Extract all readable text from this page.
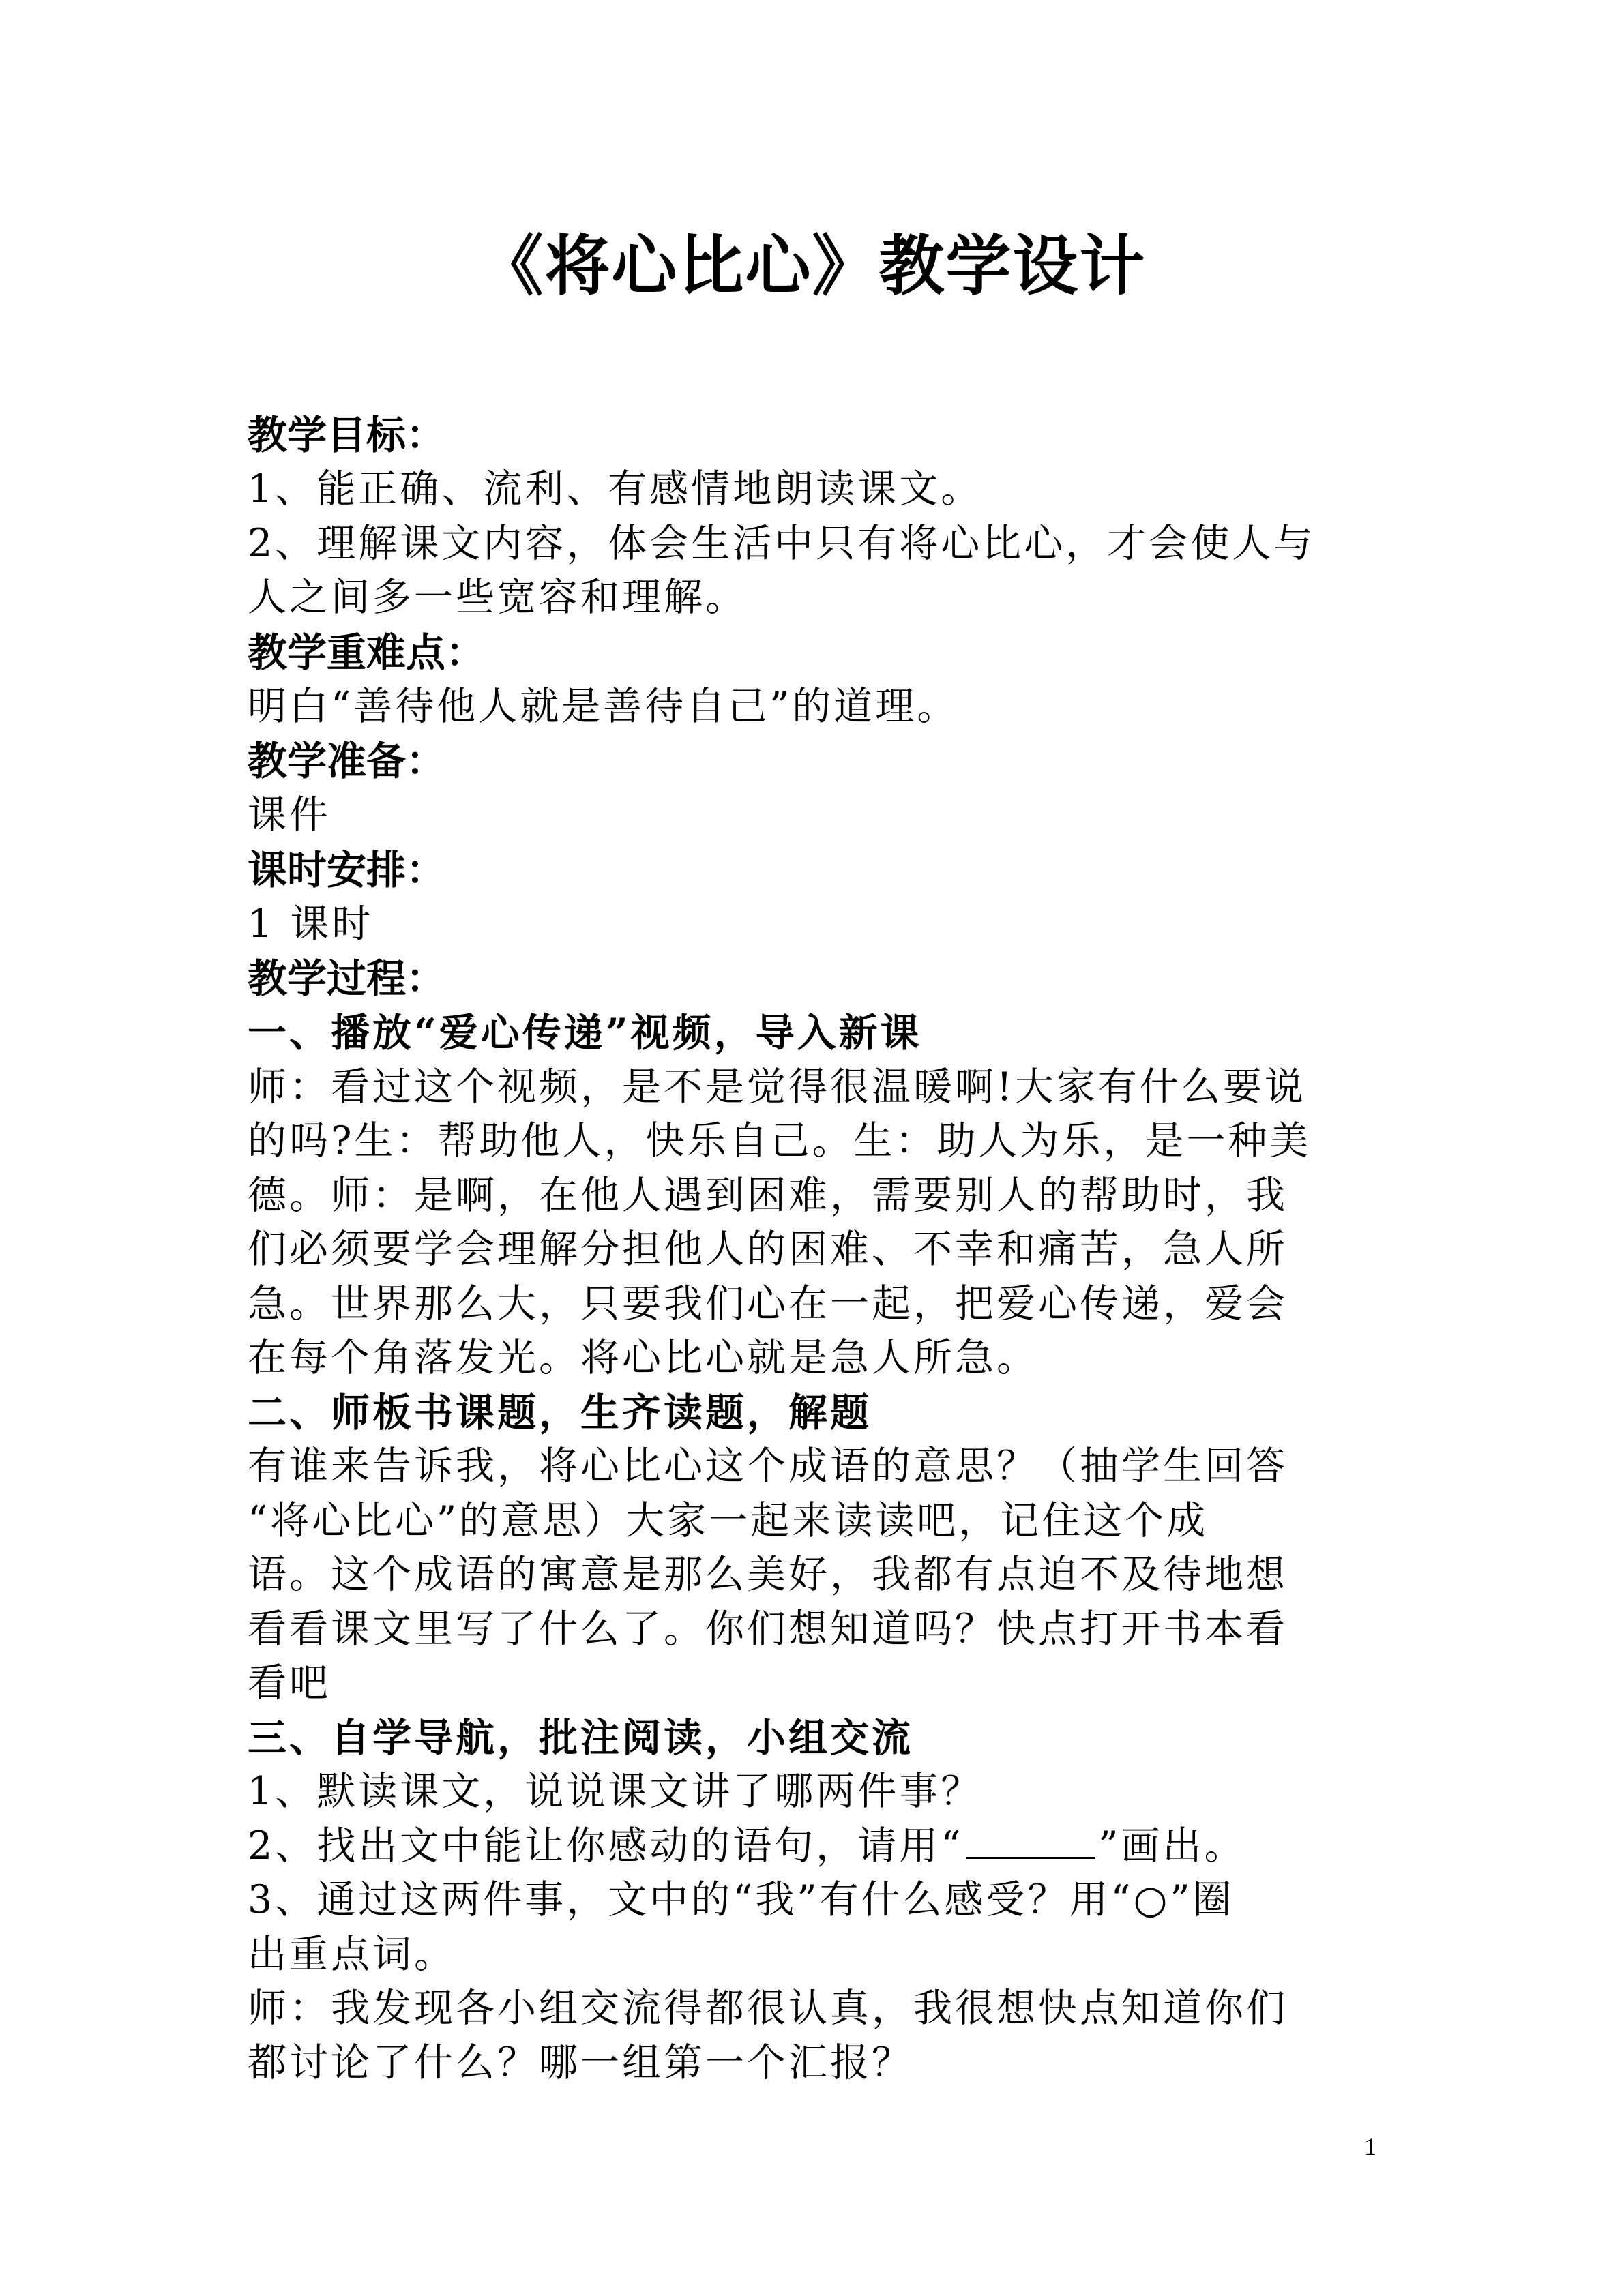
《将心比心》教学设计
教学目标：
1、能正确、流利、有感情地朗读课文。
2、理解课文内容，体会生活中只有将心比心，才会使人与
人之间多一些宽容和理解。
教学重难点：
明白“善待他人就是善待自己”的道理。
教学准备：
课件
课时安排：
1 课时
教学过程：
一、播放“爱心传递”视频，导入新课
师：看过这个视频，是不是觉得很温暖啊!大家有什么要说
的吗?生：帮助他人，快乐自己。生：助人为乐，是一种美
德。师：是啊，在他人遇到困难，需要别人的帮助时，我
们必须要学会理解分担他人的困难、不幸和痛苦，急人所
急。世界那么大，只要我们心在一起，把爱心传递，爱会
在每个角落发光。将心比心就是急人所急。
二、师板书课题，生齐读题，解题
有谁来告诉我，将心比心这个成语的意思？（抽学生回答
“将心比心”的意思）大家一起来读读吧，记住这个成
语。这个成语的寓意是那么美好，我都有点迫不及待地想
看看课文里写了什么了。你们想知道吗？快点打开书本看
看吧
三、自学导航，批注阅读，小组交流
1、默读课文，说说课文讲了哪两件事？
2、找出文中能让你感动的语句，请用“	”画出。
3、通过这两件事，文中的“我”有什么感受？用“○”圈
出重点词。
师：我发现各小组交流得都很认真，我很想快点知道你们
都讨论了什么？哪一组第一个汇报？
1
